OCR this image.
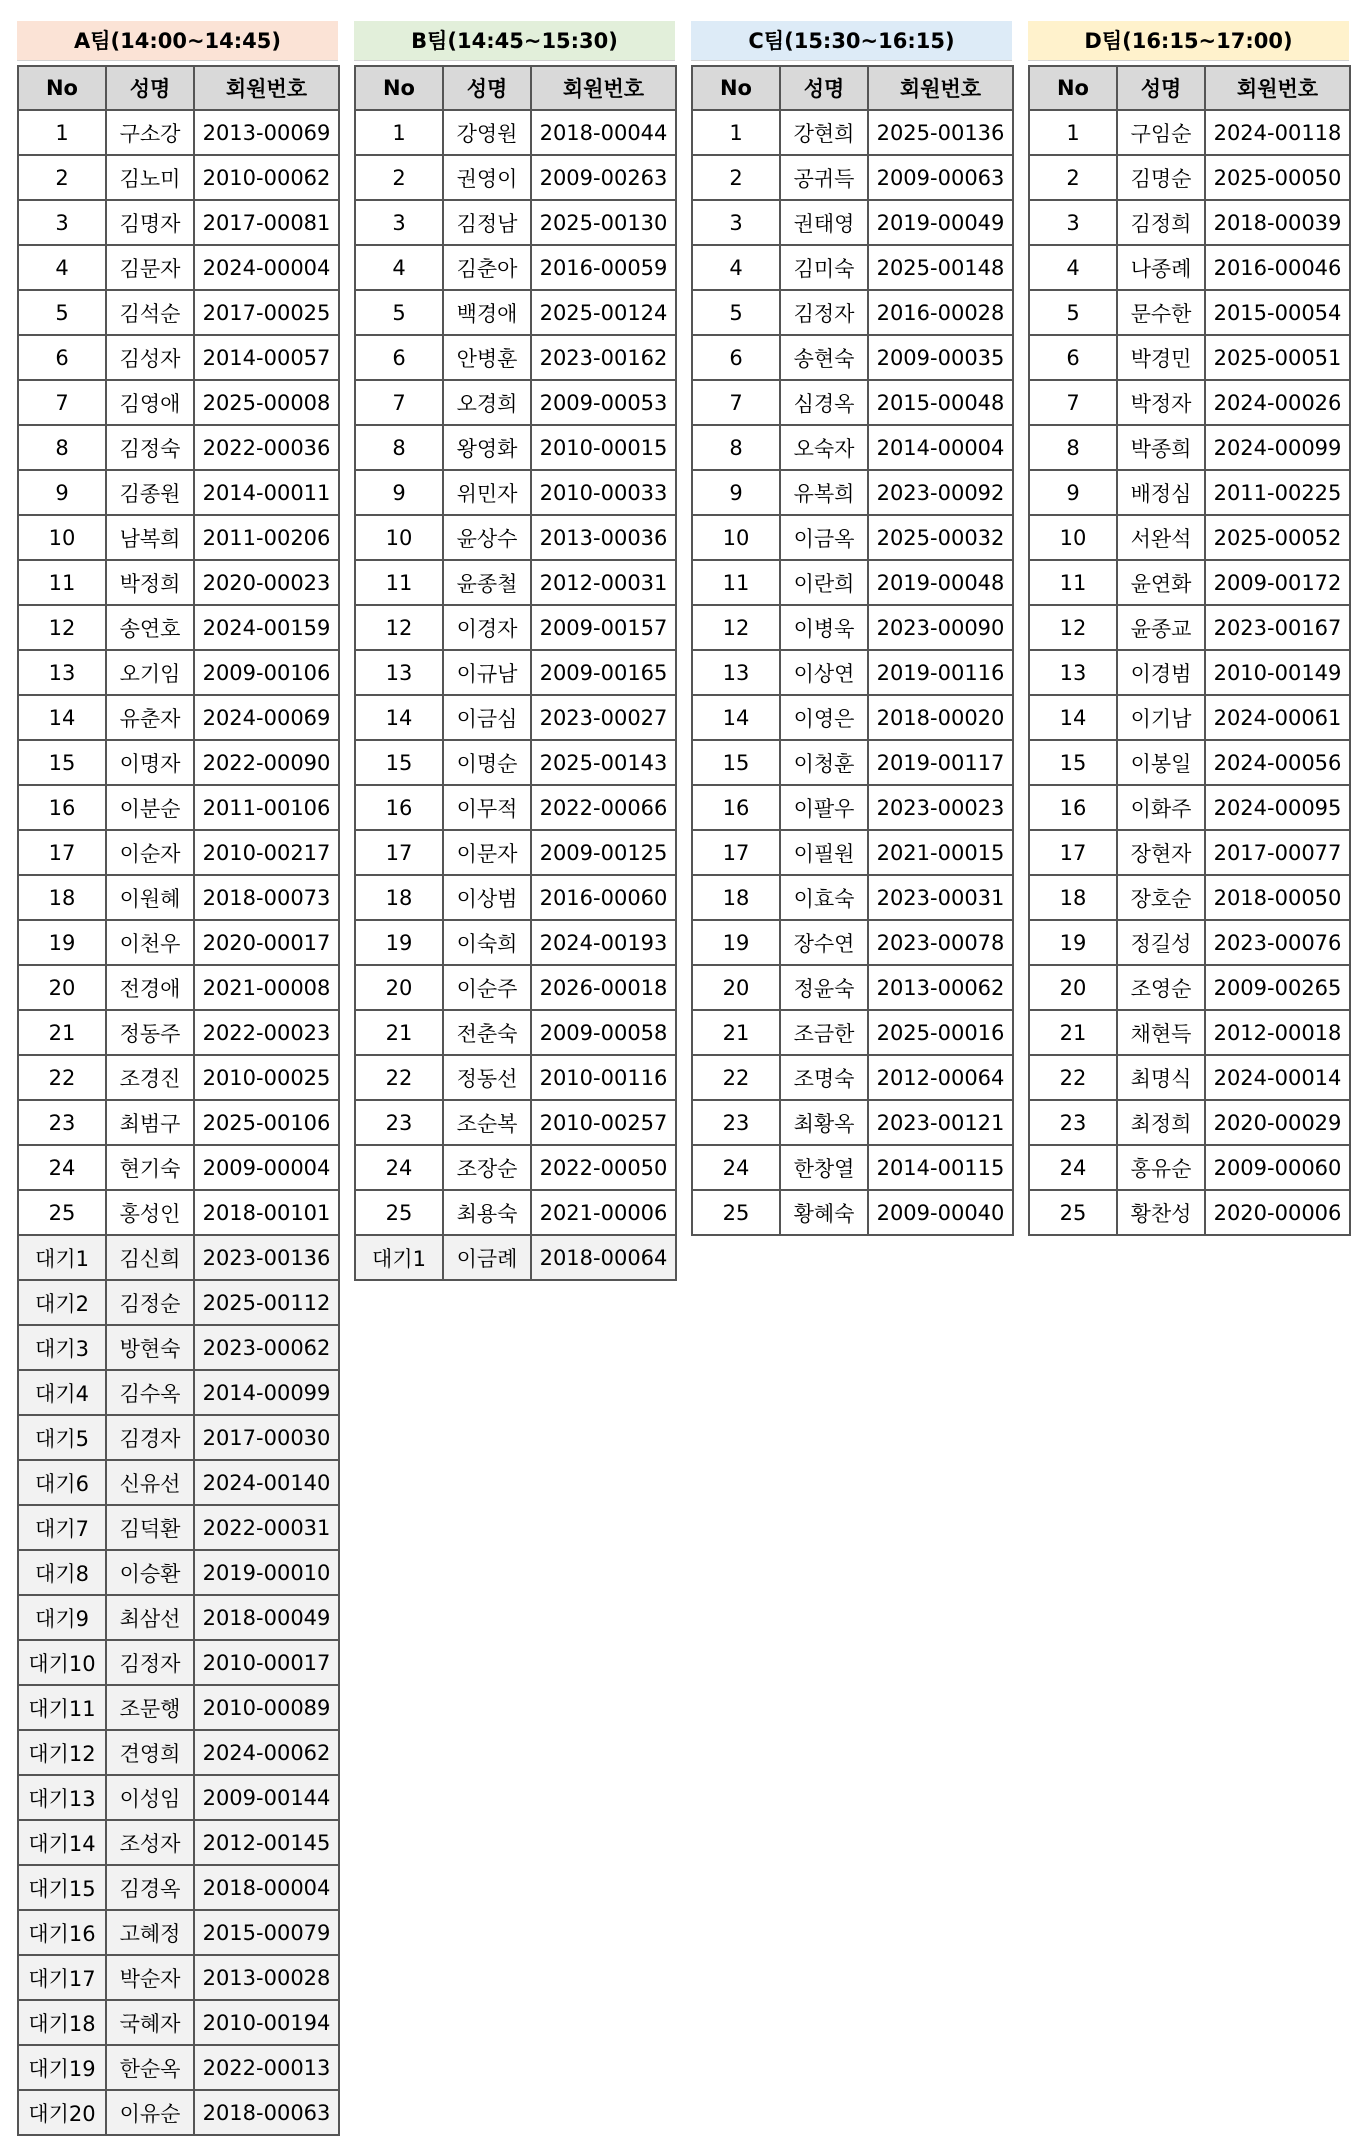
A팀(14:00~14:45)
No	성명	회원번호
1	구소강	2013-00069
2	김노미	2010-00062
3	김명자	2017-00081
4	김문자	2024-00004
5	김석순	2017-00025
6	김성자	2014-00057
7	김영애	2025-00008
8	김정숙	2022-00036
9	김종원	2014-00011
10	남복희	2011-00206
11	박정희	2020-00023
12	송연호	2024-00159
13	오기임	2009-00106
14	유춘자	2024-00069
15	이명자	2022-00090
16	이분순	2011-00106
17	이순자	2010-00217
18	이원혜	2018-00073
19	이천우	2020-00017
20	전경애	2021-00008
21	정동주	2022-00023
22	조경진	2010-00025
23	최범구	2025-00106
24	현기숙	2009-00004
25	홍성인	2018-00101
대기1	김신희	2023-00136
대기2	김정순	2025-00112
대기3	방현숙	2023-00062
대기4	김수옥	2014-00099
대기5	김경자	2017-00030
대기6	신유선	2024-00140
대기7	김덕환	2022-00031
대기8	이승환	2019-00010
대기9	최삼선	2018-00049
대기10	김정자	2010-00017
대기11	조문행	2010-00089
대기12	견영희	2024-00062
대기13	이성임	2009-00144
대기14	조성자	2012-00145
대기15	김경옥	2018-00004
대기16	고혜정	2015-00079
대기17	박순자	2013-00028
대기18	국혜자	2010-00194
대기19	한순옥	2022-00013
대기20	이유순	2018-00063
B팀(14:45~15:30)
No	성명	회원번호
1	강영원	2018-00044
2	권영이	2009-00263
3	김정남	2025-00130
4	김춘아	2016-00059
5	백경애	2025-00124
6	안병훈	2023-00162
7	오경희	2009-00053
8	왕영화	2010-00015
9	위민자	2010-00033
10	윤상수	2013-00036
11	윤종철	2012-00031
12	이경자	2009-00157
13	이규남	2009-00165
14	이금심	2023-00027
15	이명순	2025-00143
16	이무적	2022-00066
17	이문자	2009-00125
18	이상범	2016-00060
19	이숙희	2024-00193
20	이순주	2026-00018
21	전춘숙	2009-00058
22	정동선	2010-00116
23	조순복	2010-00257
24	조장순	2022-00050
25	최용숙	2021-00006
대기1	이금례	2018-00064
C팀(15:30~16:15)
No	성명	회원번호
1	강현희	2025-00136
2	공귀득	2009-00063
3	권태영	2019-00049
4	김미숙	2025-00148
5	김정자	2016-00028
6	송현숙	2009-00035
7	심경옥	2015-00048
8	오숙자	2014-00004
9	유복희	2023-00092
10	이금옥	2025-00032
11	이란희	2019-00048
12	이병욱	2023-00090
13	이상연	2019-00116
14	이영은	2018-00020
15	이청훈	2019-00117
16	이팔우	2023-00023
17	이필원	2021-00015
18	이효숙	2023-00031
19	장수연	2023-00078
20	정윤숙	2013-00062
21	조금한	2025-00016
22	조명숙	2012-00064
23	최황옥	2023-00121
24	한창열	2014-00115
25	황혜숙	2009-00040
D팀(16:15~17:00)
No	성명	회원번호
1	구임순	2024-00118
2	김명순	2025-00050
3	김정희	2018-00039
4	나종례	2016-00046
5	문수한	2015-00054
6	박경민	2025-00051
7	박정자	2024-00026
8	박종희	2024-00099
9	배정심	2011-00225
10	서완석	2025-00052
11	윤연화	2009-00172
12	윤종교	2023-00167
13	이경범	2010-00149
14	이기남	2024-00061
15	이봉일	2024-00056
16	이화주	2024-00095
17	장현자	2017-00077
18	장호순	2018-00050
19	정길성	2023-00076
20	조영순	2009-00265
21	채현득	2012-00018
22	최명식	2024-00014
23	최정희	2020-00029
24	홍유순	2009-00060
25	황찬성	2020-00006
